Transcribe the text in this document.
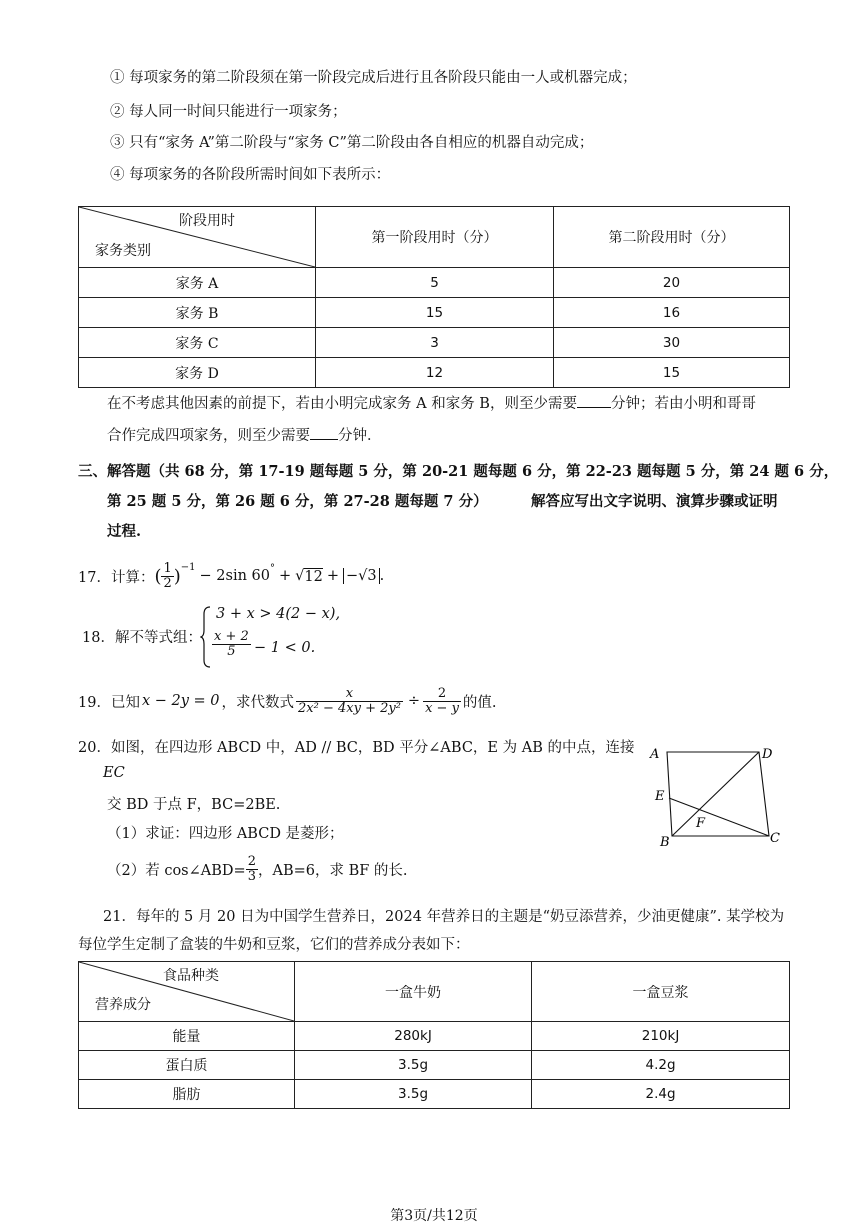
① 每项家务的第二阶段须在第一阶段完成后进行且各阶段只能由一人或机器完成；
② 每人同一时间只能进行一项家务；
③ 只有“家务 A”第二阶段与“家务 C”第二阶段由各自相应的机器自动完成；
④ 每项家务的各阶段所需时间如下表所示：
阶段用时
家务类别	第一阶段用时（分）	第二阶段用时（分）
家务 A	5	20
家务 B	15	16
家务 C	3	30
家务 D	12	15
在不考虑其他因素的前提下，若由小明完成家务 A 和家务 B，则至少需要 分钟；若由小明和哥哥
合作完成四项家务，则至少需要 分钟．
三、解答题（共 68 分，第 17-19 题每题 5 分，第 20-21 题每题 6 分，第 22-23 题每题 5 分，第 24 题 6 分，
第 25 题 5 分，第 26 题 6 分，第 27-28 题每题 7 分）	解答应写出文字说明、演算步骤或证明
过程.
17．计算： ( $\frac{1}{2}$ ) −1
− 2sin 60 ° + √ 12 + −√3 .
18．解不等式组：
3 + x > 4(2 − x),
$\frac{x + 2}{5} - 1 < 0$.
19．已知 x − 2y = 0 ，求代数式 $\frac{x}{\text{2x² − 4xy + 2y²}} \div \frac{2}{x - y}$ 的值.
20．如图，在四边形 ABCD 中，AD // BC，BD 平分∠ABC，E 为 AB 的中点，连接
EC
交 BD 于点 F，BC=2BE.
（1）求证：四边形 ABCD 是菱形；
（2）若 cos∠ABD= $\frac{2}{3}$ ，AB=6，求 BF 的长.
A	D
E
F
B	C
21．每年的 5 月 20 日为中国学生营养日，2024 年营养日的主题是“奶豆添营养，少油更健康”. 某学校为
每位学生定制了盒装的牛奶和豆浆，它们的营养成分表如下：
食品种类
营养成分	一盒牛奶	一盒豆浆
能量	280kJ	210kJ
蛋白质	3.5g	4.2g
脂肪	3.5g	2.4g
第3页/共12页
